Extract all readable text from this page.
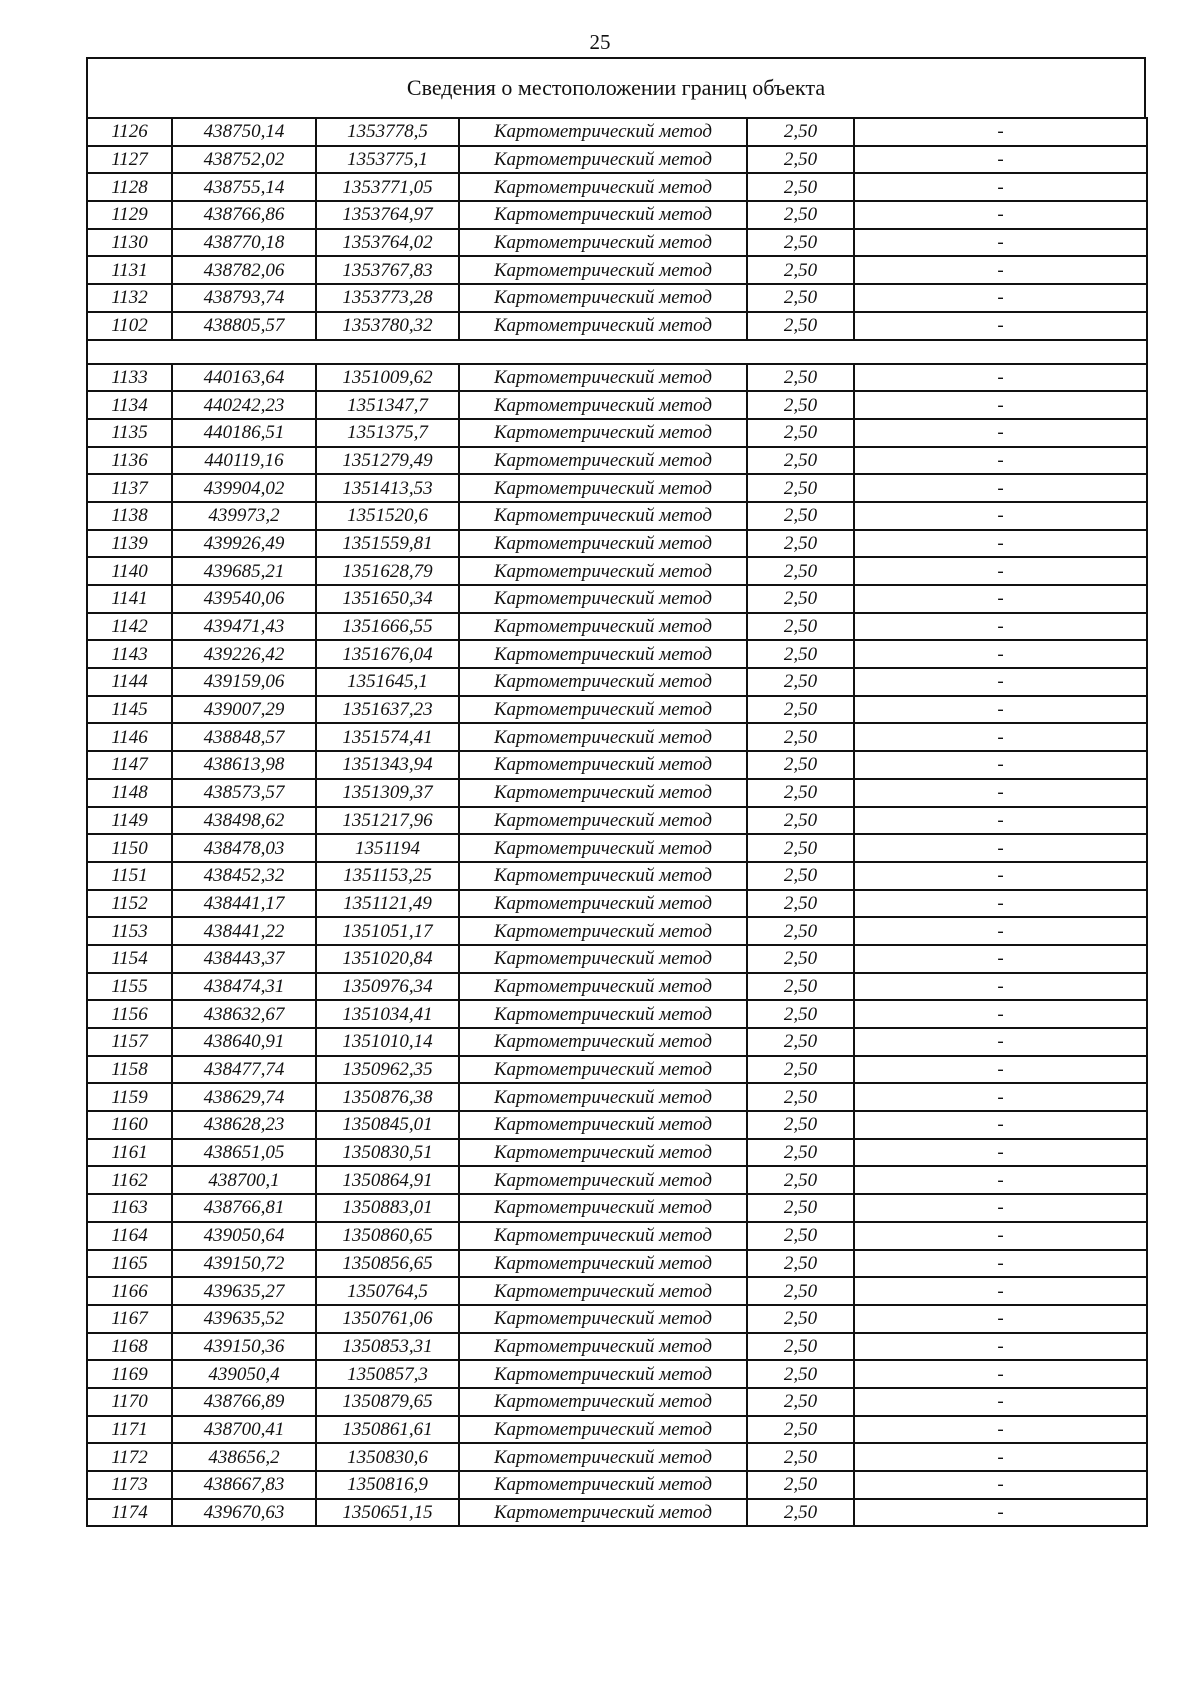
25
Сведения о местоположении границ объекта
1126	438750,14	1353778,5	Картометрический метод	2,50	-
1127	438752,02	1353775,1	Картометрический метод	2,50	-
1128	438755,14	1353771,05	Картометрический метод	2,50	-
1129	438766,86	1353764,97	Картометрический метод	2,50	-
1130	438770,18	1353764,02	Картометрический метод	2,50	-
1131	438782,06	1353767,83	Картометрический метод	2,50	-
1132	438793,74	1353773,28	Картометрический метод	2,50	-
1102	438805,57	1353780,32	Картометрический метод	2,50	-

1133	440163,64	1351009,62	Картометрический метод	2,50	-
1134	440242,23	1351347,7	Картометрический метод	2,50	-
1135	440186,51	1351375,7	Картометрический метод	2,50	-
1136	440119,16	1351279,49	Картометрический метод	2,50	-
1137	439904,02	1351413,53	Картометрический метод	2,50	-
1138	439973,2	1351520,6	Картометрический метод	2,50	-
1139	439926,49	1351559,81	Картометрический метод	2,50	-
1140	439685,21	1351628,79	Картометрический метод	2,50	-
1141	439540,06	1351650,34	Картометрический метод	2,50	-
1142	439471,43	1351666,55	Картометрический метод	2,50	-
1143	439226,42	1351676,04	Картометрический метод	2,50	-
1144	439159,06	1351645,1	Картометрический метод	2,50	-
1145	439007,29	1351637,23	Картометрический метод	2,50	-
1146	438848,57	1351574,41	Картометрический метод	2,50	-
1147	438613,98	1351343,94	Картометрический метод	2,50	-
1148	438573,57	1351309,37	Картометрический метод	2,50	-
1149	438498,62	1351217,96	Картометрический метод	2,50	-
1150	438478,03	1351194	Картометрический метод	2,50	-
1151	438452,32	1351153,25	Картометрический метод	2,50	-
1152	438441,17	1351121,49	Картометрический метод	2,50	-
1153	438441,22	1351051,17	Картометрический метод	2,50	-
1154	438443,37	1351020,84	Картометрический метод	2,50	-
1155	438474,31	1350976,34	Картометрический метод	2,50	-
1156	438632,67	1351034,41	Картометрический метод	2,50	-
1157	438640,91	1351010,14	Картометрический метод	2,50	-
1158	438477,74	1350962,35	Картометрический метод	2,50	-
1159	438629,74	1350876,38	Картометрический метод	2,50	-
1160	438628,23	1350845,01	Картометрический метод	2,50	-
1161	438651,05	1350830,51	Картометрический метод	2,50	-
1162	438700,1	1350864,91	Картометрический метод	2,50	-
1163	438766,81	1350883,01	Картометрический метод	2,50	-
1164	439050,64	1350860,65	Картометрический метод	2,50	-
1165	439150,72	1350856,65	Картометрический метод	2,50	-
1166	439635,27	1350764,5	Картометрический метод	2,50	-
1167	439635,52	1350761,06	Картометрический метод	2,50	-
1168	439150,36	1350853,31	Картометрический метод	2,50	-
1169	439050,4	1350857,3	Картометрический метод	2,50	-
1170	438766,89	1350879,65	Картометрический метод	2,50	-
1171	438700,41	1350861,61	Картометрический метод	2,50	-
1172	438656,2	1350830,6	Картометрический метод	2,50	-
1173	438667,83	1350816,9	Картометрический метод	2,50	-
1174	439670,63	1350651,15	Картометрический метод	2,50	-
